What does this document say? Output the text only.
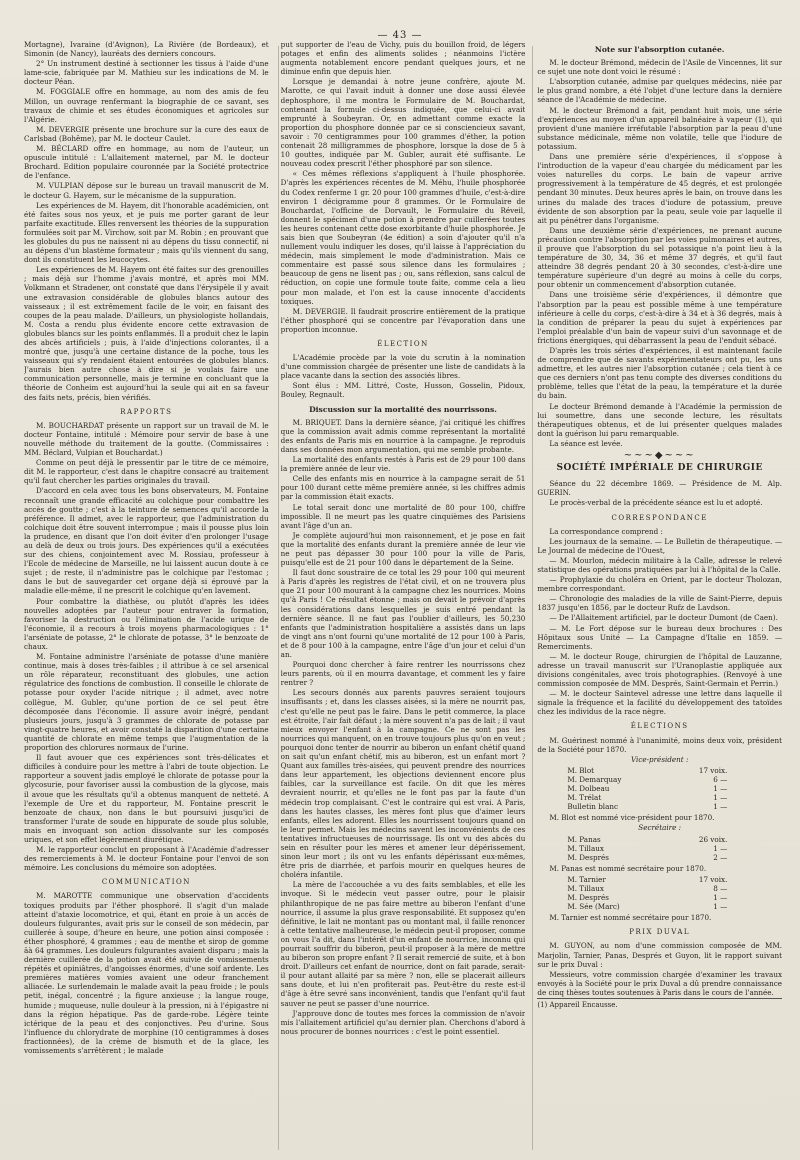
— 43 —

Mortagne), Ivaraine (d'Avignon), La Rivière (de Bordeaux), et Simonin (de Nancy), lauréats des derniers concours.

2° Un instrument destiné à sectionner les tissus à l'aide d'une lame-scie, fabriquée par M. Mathieu sur les indications de M. le docteur Péan.

M. FOGGIALE offre en hommage, au nom des amis de feu Millon, un ouvrage renfermant la biographie de ce savant, ses travaux de chimie et ses études économiques et agricoles sur l'Algérie.

M. DEVERGIE présente une brochure sur la cure des eaux de Carlsbad (Bohême), par M. le docteur Caulet.

M. BÉCLARD offre en hommage, au nom de l'auteur, un opuscule intitulé : L'allaitement maternel, par M. le docteur Brochard. Edition populaire couronnée par la Société protectrice de l'enfance.

M. VULPIAN dépose sur le bureau un travail manuscrit de M. le docteur G. Hayem, sur le mécanisme de la suppuration.

Les expériences de M. Hayem, dit l'honorable académicien, ont été faites sous nos yeux, et je puis me porter garant de leur parfaite exactitude. Elles renversent les théories de la suppuration formulées soit par M. Virchow, soit par M. Robin ; en prouvant que les globules du pus ne naissent ni au dépens du tissu connectif, ni au dépens d'un blastème formateur ; mais qu'ils viennent du sang, dont ils constituent les leucocytes.

Les expériences de M. Hayem ont été faites sur des grenouilles ; mais déjà sur l'homme j'avais montré, et après moi MM. Volkmann et Stradener, ont constaté que dans l'érysipèle il y avait une extravasion considérable de globules blancs autour des vaisseaux ; il est extrêmement facile de le voir, en faisant des coupes de la peau malade. D'ailleurs, un physiologiste hollandais, M. Costa a rendu plus évidente encore cette extravasion de globules blancs sur les points enflammés. Il a produit chez le lapin des abcès artificiels ; puis, à l'aide d'injections colorantes, il a montré que, jusqu'à une certaine distance de la poche, tous les vaisseaux qui s'y rendaient étaient entourées de globules blancs. J'aurais bien autre chose à dire si je voulais faire une communication personnelle, mais je termine en concluant que la théorie de Conheim est aujourd'hui la seule qui ait en sa faveur des faits nets, précis, bien vérifiés.

RAPPORTS

M. BOUCHARDAT présente un rapport sur un travail de M. le docteur Fontaine, intitulé : Mémoire pour servir de base à une nouvelle méthode du traitement de la goutte. (Commissaires : MM. Béclard, Vulpian et Bouchardat.)

Comme on peut déjà le pressentir par le titre de ce mémoire, dit M. le rapporteur, c'est dans le chapitre consacré au traitement qu'il faut chercher les parties originales du travail.

D'accord en cela avec tous les bons observateurs, M. Fontaine reconnaît une grande efficacité au colchique pour combattre les accès de goutte ; c'est à la teinture de semences qu'il accorde la préférence. Il admet, avec le rapporteur, que l'administration du colchique doit être souvent interrompue ; mais il pousse plus loin la prudence, en disant que l'on doit éviter d'en prolonger l'usage au delà de deux ou trois jours. Des expériences qu'il a exécutées sur des chiens, conjointement avec M. Rossiau, professeur à l'Ecole de médecine de Marseille, ne lui laissent aucun doute à ce sujet ; de reste, il n'administre pas le colchique par l'estomac ; dans le but de sauvegarder cet organe déjà si éprouvé par la maladie elle-même, il ne prescrit le colchique qu'en lavement.

Pour combattre la diathèse, ou plutôt d'après les idées nouvelles adoptées par l'auteur pour entraver la formation, favoriser la destruction ou l'élimination de l'acide urique de l'économie, il a recours à trois moyens pharmacologiques : 1° l'arséniate de potasse, 2° le chlorate de potasse, 3° le benzoate de chaux.

M. Fontaine administre l'arséniate de potasse d'une manière continue, mais à doses très-faibles ; il attribue à ce sel arsenical un rôle réparateur, reconstituant des globules, une action régulatrice des fonctions de combustion. Il conseille le chlorate de potasse pour oxyder l'acide nitrique ; il admet, avec notre collègue, M. Gubler, qu'une portion de ce sel peut être décomposée dans l'économie. Il assure avoir inégré, pendant plusieurs jours, jusqu'à 3 grammes de chlorate de potasse par vingt-quatre heures, et avoir constaté la disparition d'une certaine quantité de chlorate en même temps que l'augmentation de la proportion des chlorures normaux de l'urine.

Il faut avouer que ces expériences sont très-délicates et difficiles à conduire pour les mettre à l'abri de toute objection. Le rapporteur a souvent jadis employé le chlorate de potasse pour la glycosurie, pour favoriser aussi la combustion de la glycose, mais il avoue que les résultats qu'il a obtenus manquent de netteté. A l'exemple de Ure et du rapporteur, M. Fontaine prescrit le benzoate de chaux, non dans le but poursuivi jusqu'ici de transformer l'urate de soude en hippurate de soude plus soluble, mais en invoquant son action dissolvante sur les composés uriques, et son effet légèrement diurétique.

M. le rapporteur conclut en proposant à l'Académie d'adresser des remerciements à M. le docteur Fontaine pour l'envoi de son mémoire. Les conclusions du mémoire son adoptées.

COMMUNICATION

M. MAROTTE communique une observation d'accidents toxiques produits par l'éther phosphoré. Il s'agit d'un malade atteint d'ataxie locomotrice, et qui, étant en proie à un accès de douleurs fulgurantes, avait pris sur le conseil de son médecin, par cuillerée à soupe, d'heure en heure, une potion ainsi composée : éther phosphoré, 4 grammes ; eau de menthe et sirop de gomme âà 64 grammes. Les douleurs fulgurantes avaient disparu ; mais la dernière cuillerée de la potion avait été suivie de vomissements répétés et opiniâtres, d'angoisses énormes, d'une soif ardente. Les premières matières vomies avaient une odeur franchement alliacée. Le surlendemain le malade avait la peau froide ; le pouls petit, inégal, concentré ; la figure anxieuse ; la langue rouge, humide ; muqueuse, nulle douleur à la pression, ni à l'épigastre ni dans la région hépatique. Pas de garde-robe. Légère teinte ictérique de la peau et des conjonctives. Peu d'urine. Sous l'influence du chlorydrate de morphine (10 centigrammes à doses fractionnées), de la crème de bismuth et de la glace, les vomissements s'arrêtèrent ; le malade

put supporter de l'eau de Vichy, puis du bouillon froid, de légers potages et enfin des aliments solides ; néanmoins l'ictère augmenta notablement encore pendant quelques jours, et ne diminue enfin que depuis hier.

Lorsque je demandai à notre jeune confrère, ajoute M. Marotte, ce qui l'avait induit à donner une dose aussi élevée dephosphore, il me montra le Formulaire de M. Bouchardat, contenant la formule ci-dessus indiquée, que celui-ci avait emprunté à Soubeyran. Or, en admettant comme exacte la proportion du phosphore donnée par ce si consciencieux savant, savoir : 70 centigrammes pour 100 grammes d'éther, la potion contenait 28 milligrammes de phosphore, lorsque la dose de 5 à 10 gouttes, indiquée par M. Gubler, aurait été suffisante. Le nouveau codex prescrit l'éther phosphoré par son silence.

« Ces mêmes réflexions s'appliquent à l'huile phosphorée. D'après les expériences récentes de M. Méhu, l'huile phosphorée du Codex renferme 1 gr. 20 pour 100 grammes d'huile, c'est-à-dire environ 1 décigramme pour 8 grammes. Or le Formulaire de Bouchardat, l'officine de Dorvault, le Formulaire du Réveil, donnent le spécimen d'une potion à prendre par cuillerées toutes les heures contenant cette dose exorbitante d'huile phosphorée. Je sais bien que Soubeyran (4e édition) a soin d'ajouter qu'il n'a nullement voulu indiquer les doses, qu'il laisse à l'appréciation du médecin, mais simplement le mode d'administration. Mais ce commentaire est passé sous silence dans les formulaires ; beaucoup de gens ne lisent pas ; ou, sans réflexion, sans calcul de réduction, on copie une formule toute faite, comme cela a lieu pour mon malade, et l'on est la cause innocente d'accidents toxiques.

M. DEVERGIE. Il faudrait proscrire entièrement de la pratique l'éther phosphoré qui se concentre par l'évaporation dans une proportion inconnue.

ÉLECTION

L'Académie procède par la voie du scrutin à la nomination d'une commission chargée de présenter une liste de candidats à la place vacante dans la section des associés libres.

Sont élus : MM. Littré, Coste, Husson, Gosselin, Pidoux, Bouley, Regnault.

Discussion sur la mortalité des nourrissons.

M. BRIQUET. Dans la dernière séance, j'ai critiqué les chiffres que la commission avait admis comme représentant la mortalité des enfants de Paris mis en nourrice à la campagne. Je reproduis dans ses données mon argumentation, qui me semble probante.

La mortalité des enfants restés à Paris est de 29 pour 100 dans la première année de leur vie.

Celle des enfants mis en nourrice à la campagne serait de 51 pour 100 durant cette même première année, si les chiffres admis par la commission était exacts.

Le total serait donc une mortalité de 80 pour 100, chiffre impossible. Il ne meurt pas les quatre cinquièmes des Parisiens avant l'âge d'un an.

Je complète aujourd'hui mon raisonnement, et je pose en fait que la mortalité des enfants durant la première année de leur vie ne peut pas dépasser 30 pour 100 pour la ville de Paris, puisqu'elle est de 21 pour 100 dans le département de la Seine.

Il faut donc soustraire de ce total les 29 pour 100 qui meurent à Paris d'après les registres de l'état civil, et on ne trouvera plus que 21 pour 100 mourant à la campagne chez les nourrices. Moins qu'à Paris ! Ce résultat étonne ; mais on devait le prévoir d'après les considérations dans lesquelles je suis entré pendant la dernière séance. Il ne faut pas l'oublier d'ailleurs, les 50,230 enfants que l'administration hospitalière a assistés dans un laps de vingt ans n'ont fourni qu'une mortalité de 12 pour 100 à Paris, et de 8 pour 100 à la campagne, entre l'âge d'un jour et celui d'un an.

Pourquoi donc chercher à faire rentrer les nourrissons chez leurs parents, où il en mourra davantage, et comment les y faire rentrer ?

Les secours donnés aux parents pauvres seraient toujours insuffisants ; et, dans les classes aisées, si la mère ne nourrit pas, c'est qu'elle ne peut pas le faire. Dans le petit commerce, la place est étroite, l'air fait défaut ; la mère souvent n'a pas de lait ; il vaut mieux envoyer l'enfant à la campagne. Ce ne sont pas les nourrices qui manquent, on en trouve toujours plus qu'on en veut ; pourquoi donc tenter de nourrir au biberon un enfant chétif quand on sait qu'un enfant chétif, mis au biberon, est un enfant mort ? Quant aux familles très-aisées, qui peuvent prendre des nourrices dans leur appartement, les objections deviennent encore plus faibles, car la surveillance est facile. On dit que les mères devraient nourrir, et qu'elles ne le font pas par la faute d'un médecin trop complaisant. C'est le contraire qui est vrai. A Paris, dans les hautes classes, les mères font plus que d'aimer leurs enfants, elles les adorent. Elles les nourrissent toujours quand on le leur permet. Mais les médecins savent les inconvénients de ces tentatives infructueuses de nourrissage. Ils ont vu des abcès du sein en résulter pour les mères et amener leur dépérissement, sinon leur mort ; ils ont vu les enfants dépérissant eux-mêmes, être pris de diarrhée, et parfois mourir en quelques heures de choléra infantile.

La mère de l'accouchée a vu des faits semblables, et elle les invoque. Si le médecin veut passer outre, pour le plaisir philanthropique de ne pas faire mettre au biberon l'enfant d'une nourrice, il assume la plus grave responsabilité. Et supposez qu'en définitive, le lait ne montant pas ou montant mal, il faille renoncer à cette tentative malheureuse, le médecin peut-il proposer, comme on vous l'a dit, dans l'intérêt d'un enfant de nourrice, inconnu qui pourrait souffrir du biberon, peut-il proposer à la mère de mettre au biberon son propre enfant ? Il serait remercié de suite, et à bon droit. D'ailleurs cet enfant de nourrice, dont on fait parade, serait-il pour autant allaité par sa mère ? non, elle se placerait ailleurs sans doute, et lui n'en profiterait pas. Peut-être du reste est-il d'âge à être sevré sans inconvénient, tandis que l'enfant qu'il faut sauver ne peut se passer d'une nourrice.

J'approuve donc de toutes mes forces la commission de n'avoir mis l'allaitement artificiel qu'au dernier plan. Cherchons d'abord à nous procurer de bonnes nourrices : c'est le point essentiel.

Note sur l'absorption cutanée.

M. le docteur Brémond, médecin de l'Asile de Vincennes, lit sur ce sujet une note dont voici le résumé :

L'absorption cutanée, admise par quelques médecins, niée par le plus grand nombre, a été l'objet d'une lecture dans la dernière séance de l'Académie de médecine.

M. le docteur Brémond a fait, pendant huit mois, une série d'expériences au moyen d'un appareil balnéaire à vapeur (1), qui provient d'une manière irréfutable l'absorption par la peau d'une substance médicinale, même non volatile, telle que l'iodure de potassium.

Dans une première série d'expériences, il s'oppose à l'introduction de la vapeur d'eau chargée du médicament par les voies naturelles du corps. Le bain de vapeur arrive progressivement à la température de 45 degrés, et est prolongée pendant 30 minutes. Deux heures après le bain, on trouve dans les urines du malade des traces d'iodure de potassium, preuve évidente de son absorption par la peau, seule voie par laquelle il ait pu pénétrer dans l'organisme.

Dans une deuxième série d'expériences, ne prenant aucune précaution contre l'absorption par les voies pulmonaires et autres, il prouve que l'absorption du sel potassique n'a point lieu à la température de 30, 34, 36 et même 37 degrés, et qu'il faut atteindre 38 degrés pendant 20 à 30 secondes, c'est-à-dire une température supérieure d'un degré au moins à celle du corps, pour obtenir un commencement d'absorption cutanée.

Dans une troisième série d'expériences, il démontre que l'absorption par la peau est possible même à une température inférieure à celle du corps, c'est-à-dire à 34 et à 36 degrés, mais à la condition de préparer la peau du sujet à expériences par l'emploi préalable d'un bain de vapeur suivi d'un savonnage et de frictions énergiques, qui débarrassent la peau de l'enduit sébacé.

D'après les trois séries d'expériences, il est maintenant facile de comprendre que de savants expérimentateurs ont pu, les uns admettre, et les autres nier l'absorption cutanée ; cela tient à ce que ces derniers n'ont pas tenu compte des diverses conditions du problème, telles que l'état de la peau, la température et la durée du bain.

Le docteur Brémond demande à l'Académie la permission de lui soumettre, dans une seconde lecture, les résultats thérapeutiques obtenus, et de lui présenter quelques malades dont la guérison lui paru remarquable.

La séance est levée.

~~~◆~~~
SOCIÉTÉ IMPÉRIALE DE CHIRURGIE

Séance du 22 décembre 1869. — Présidence de M. Alp. GUERIN.

Le procès-verbal de la précédente séance est lu et adopté.

CORRESPONDANCE

La correspondance comprend :

Les journaux de la semaine. — Le Bulletin de thérapeutique. — Le Journal de médecine de l'Ouest,

— M. Mourlon, médecin militaire à la Calle, adresse le relevé statistique des opérations pratiquées par lui à l'hôpital de la Calle.

— Prophylaxie du choléra en Orient, par le docteur Tholozan, membre correspondant.

— Chronologie des maladies de la ville de Saint-Pierre, depuis 1837 jusqu'en 1856, par le docteur Rufz de Lavdson.

— De l'Allaitement artificiel, par le docteur Dumont (de Caen).

— M. Le Fort dépose sur le bureau deux brochures : Des Hôpitaux sous Unité — La Campagne d'Italie en 1859. — Remerciments.

— M. le docteur Rouge, chirurgien de l'hôpital de Lauzanne, adresse un travail manuscrit sur l'Uranoplastie appliquée aux divisions congénitales, avec trois photographies. (Renvoyé à une commission composée de MM. Després, Saint-Germain et Perrin.)

— M. le docteur Saintevel adresse une lettre dans laquelle il signale la fréquence et la facilité du développement des tatoïdes chez les individus de la race nègre.

ÉLECTIONS

M. Guérinest nommé à l'unanimité, moins deux voix, président de la Société pour 1870.

Vice-président :

M. Blot	17 voix.
M. Demarquay	6 —
M. Dolbeau	1 —
M. Trélat	1 —
Bulletin blanc	1 —

M. Blot est nommé vice-président pour 1870.

Secrétaire :

M. Panas	26 voix.
M. Tillaux	1 —
M. Després	2 —

M. Panas est nommé secrétaire pour 1870.

M. Tarnier	17 voix.
M. Tillaux	8 —
M. Després	1 —
M. Sée (Marc)	1 —

M. Tarnier est nommé secrétaire pour 1870.

PRIX DUVAL

M. GUYON, au nom d'une commission composée de MM. Marjolin, Tarnier, Panas, Després et Guyon, lit le rapport suivant sur le prix Duval :

Messieurs, votre commission chargée d'examiner les travaux envoyés à la Société pour le prix Duval a dû prendre connaissance de cinq thèses toutes soutenues à Paris dans le cours de l'année.

(1) Appareil Encausse.
